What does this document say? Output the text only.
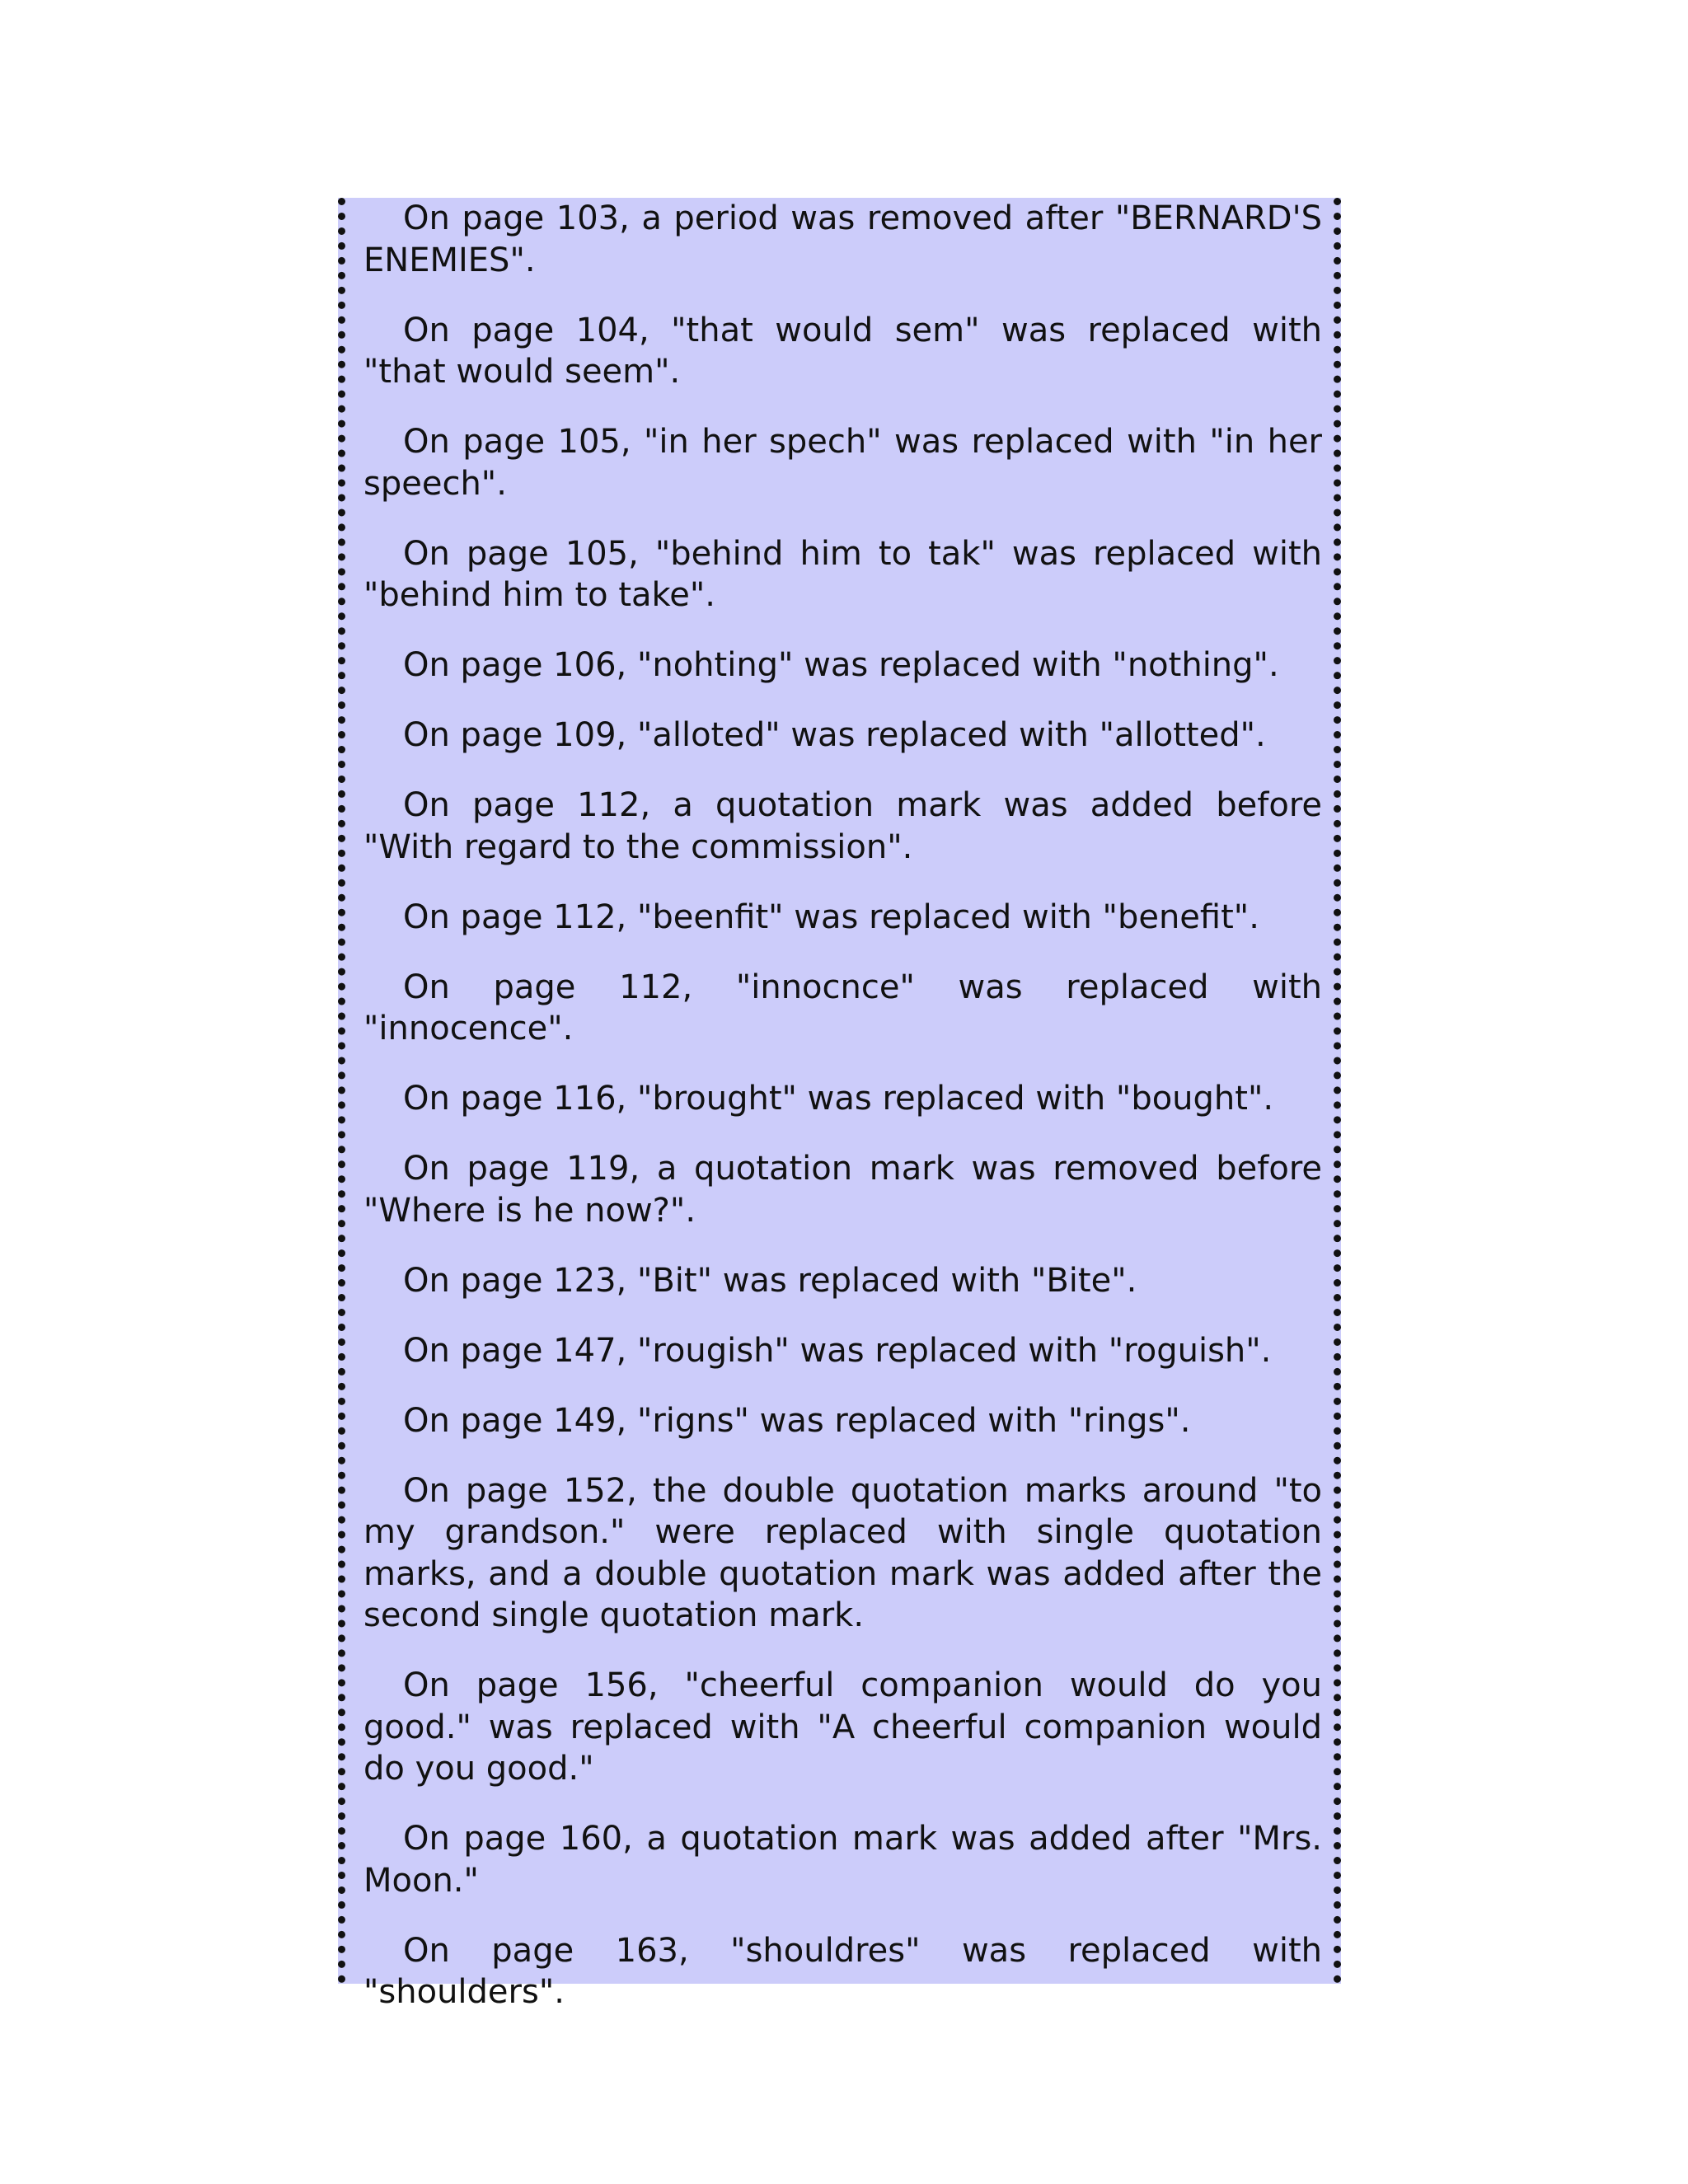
On page 103, a period was removed after "BERNARD'S ENEMIES".

On page 104, "that would sem" was replaced with "that would seem".

On page 105, "in her spech" was replaced with "in her speech".

On page 105, "behind him to tak" was replaced with "behind him to take".

On page 106, "nohting" was replaced with "nothing".

On page 109, "alloted" was replaced with "allotted".

On page 112, a quotation mark was added before "With regard to the commission".

On page 112, "beenfit" was replaced with "benefit".

On page 112, "innocnce" was replaced with "innocence".

On page 116, "brought" was replaced with "bought".

On page 119, a quotation mark was removed before "Where is he now?".

On page 123, "Bit" was replaced with "Bite".

On page 147, "rougish" was replaced with "roguish".

On page 149, "rigns" was replaced with "rings".

On page 152, the double quotation marks around "to my grandson." were replaced with single quotation marks, and a double quotation mark was added after the second single quotation mark.

On page 156, "cheerful companion would do you good." was replaced with "A cheerful companion would do you good."

On page 160, a quotation mark was added after "Mrs. Moon."

On page 163, "shouldres" was replaced with "shoulders".
